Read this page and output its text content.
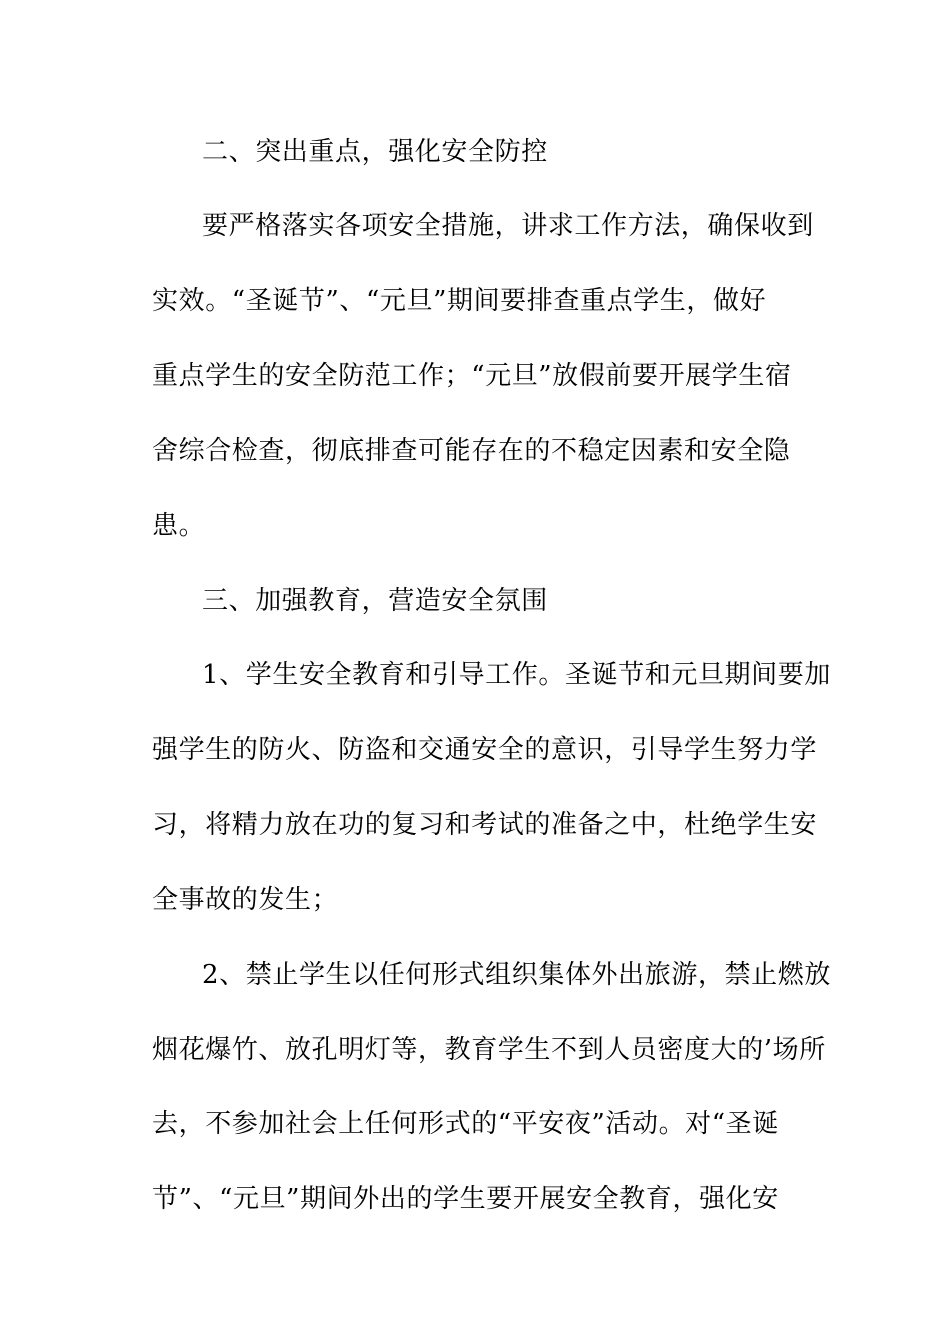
二、突出重点，强化安全防控
要严格落实各项安全措施，讲求工作方法，确保收到
实效。“圣诞节”、“元旦”期间要排查重点学生，做好
重点学生的安全防范工作；“元旦”放假前要开展学生宿
舍综合检查，彻底排查可能存在的不稳定因素和安全隐
患。
三、加强教育，营造安全氛围
1、学生安全教育和引导工作。圣诞节和元旦期间要加
强学生的防火、防盗和交通安全的意识，引导学生努力学
习，将精力放在功的复习和考试的准备之中，杜绝学生安
全事故的发生；
2、禁止学生以任何形式组织集体外出旅游，禁止燃放
烟花爆竹、放孔明灯等，教育学生不到人员密度大的’场所
去，不参加社会上任何形式的“平安夜”活动。对“圣诞
节”、“元旦”期间外出的学生要开展安全教育，强化安
